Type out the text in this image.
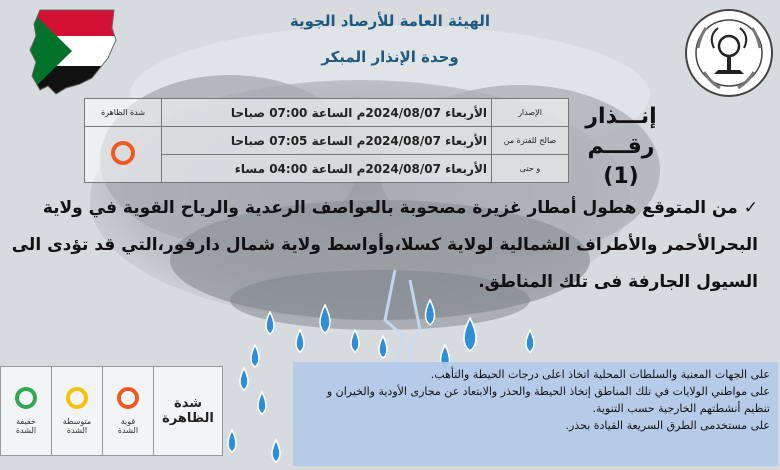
الهيئة العامة للأرصاد الجوية
وحدة الإنذار المبكر
إنـــذار
رقـــم (1)
الإصدار	الأربعاء 2024/08/07م الساعة 07:00 صباحا	شدة الظاهرة
صالح للفترة من	الأربعاء 2024/08/07م الساعة 07:05 صباحا	
و حتى	الأربعاء 2024/08/07م الساعة 04:00 مساء	
✓ من المتوقع هطول أمطار غزيرة مصحوبة بالعواصف الرعدية والرياح القوية في ولاية البحرالأحمر والأطراف الشمالية لولاية كسلا،وأواسط ولاية شمال دارفور،التي قد تؤدى الى السيول الجارفة فى تلك المناطق.
شدة
الظاهرة

قوية
الشدة

متوسطة
الشدة

خفيفة
الشدة
على الجهات المعنية والسلطات المحلية اتخاذ اعلى درجات الحيطة والتأهب.
على مواطني الولايات في تلك المناطق إتخاذ الحيطة والحذر والابتعاد عن مجارى الأودية والخيران و تنظيم أنشطتهم الخارجية حسب التنوية.
على مستخدمى الطرق السريعة القيادة بحذر.
